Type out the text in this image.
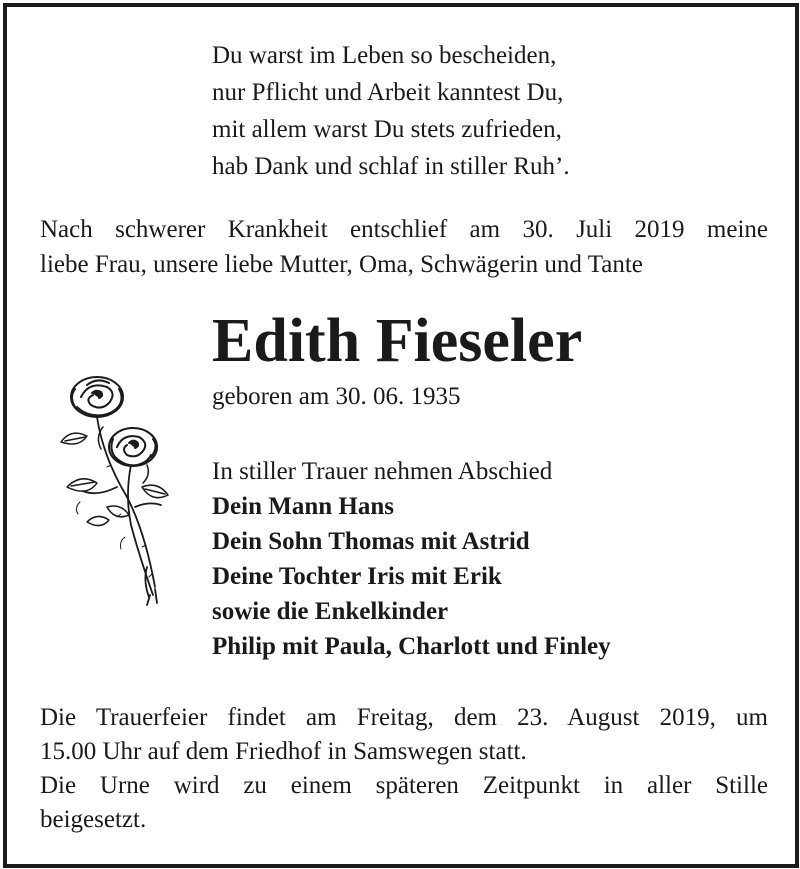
Du warst im Leben so bescheiden,
nur Pflicht und Arbeit kanntest Du,
mit allem warst Du stets zufrieden,
hab Dank und schlaf in stiller Ruh’.
Nach schwerer Krankheit entschlief am 30. Juli 2019 meine
liebe Frau, unsere liebe Mutter, Oma, Schwägerin und Tante
Edith Fieseler
geboren am 30. 06. 1935
In stiller Trauer nehmen Abschied
Dein Mann Hans
Dein Sohn Thomas mit Astrid
Deine Tochter Iris mit Erik
sowie die Enkelkinder
Philip mit Paula, Charlott und Finley
Die Trauerfeier findet am Freitag, dem 23. August 2019, um
15.00 Uhr auf dem Friedhof in Samswegen statt.
Die Urne wird zu einem späteren Zeitpunkt in aller Stille
beigesetzt.
